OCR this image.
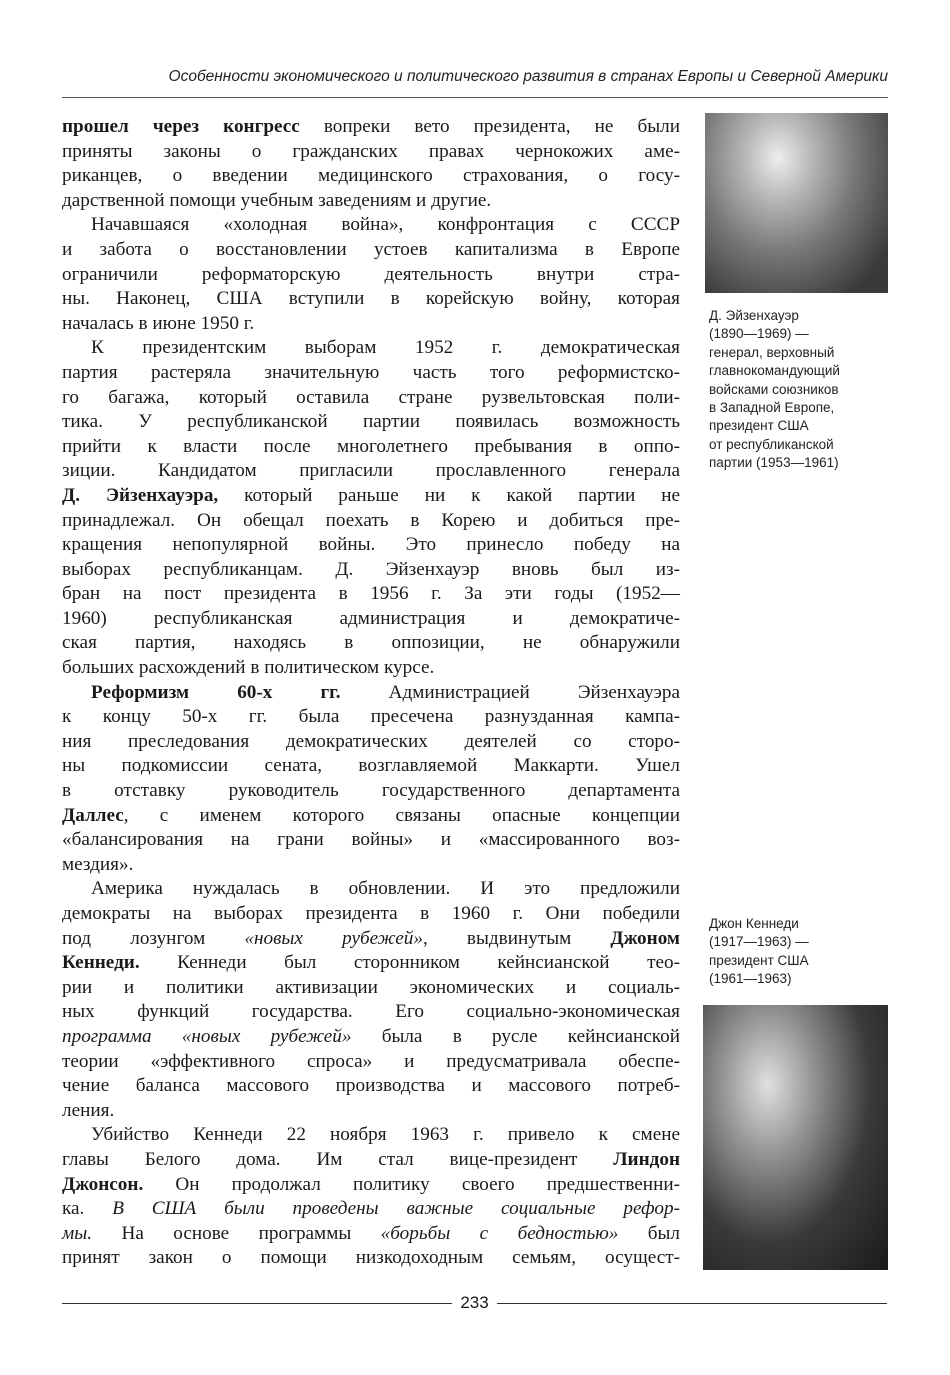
Особенности экономического и политического развития в странах Европы и Северной Америки
прошел через конгресс вопреки вето президента, не были
приняты законы о гражданских правах чернокожих аме-
риканцев, о введении медицинского страхования, о госу-
дарственной помощи учебным заведениям и другие.
Начавшаяся «холодная война», конфронтация с СССР
и забота о восстановлении устоев капитализма в Европе
ограничили реформаторскую деятельность внутри стра-
ны. Наконец, США вступили в корейскую войну, которая
началась в июне 1950 г.
К президентским выборам 1952 г. демократическая
партия растеряла значительную часть того реформистско-
го багажа, который оставила стране рузвельтовская поли-
тика. У республиканской партии появилась возможность
прийти к власти после многолетнего пребывания в оппо-
зиции. Кандидатом пригласили прославленного генерала
Д. Эйзенхауэра, который раньше ни к какой партии не
принадлежал. Он обещал поехать в Корею и добиться пре-
кращения непопулярной войны. Это принесло победу на
выборах республиканцам. Д. Эйзенхауэр вновь был из-
бран на пост президента в 1956 г. За эти годы (1952—
1960) республиканская администрация и демократиче-
ская партия, находясь в оппозиции, не обнаружили
больших расхождений в политическом курсе.
Реформизм 60-х гг. Администрацией Эйзенхауэра
к концу 50-х гг. была пресечена разнузданная кампа-
ния преследования демократических деятелей со сторо-
ны подкомиссии сената, возглавляемой Маккарти. Ушел
в отставку руководитель государственного департамента
Даллес, с именем которого связаны опасные концепции
«балансирования на грани войны» и «массированного воз-
мездия».
Америка нуждалась в обновлении. И это предложили
демократы на выборах президента в 1960 г. Они победили
под лозунгом «новых рубежей», выдвинутым Джоном
Кеннеди. Кеннеди был сторонником кейнсианской тео-
рии и политики активизации экономических и социаль-
ных функций государства. Его социально-экономическая
программа «новых рубежей» была в русле кейнсианской
теории «эффективного спроса» и предусматривала обеспе-
чение баланса массового производства и массового потреб-
ления.
Убийство Кеннеди 22 ноября 1963 г. привело к смене
главы Белого дома. Им стал вице-президент Линдон
Джонсон. Он продолжал политику своего предшественни-
ка. В США были проведены важные социальные рефор-
мы. На основе программы «борьбы с бедностью» был
принят закон о помощи низкодоходным семьям, осущест-
Д. Эйзенхауэр
(1890—1969) —
генерал, верховный
главнокомандующий
войсками союзников
в Западной Европе,
президент США
от республиканской
партии (1953—1961)
Джон Кеннеди
(1917—1963) —
президент США
(1961—1963)
233
